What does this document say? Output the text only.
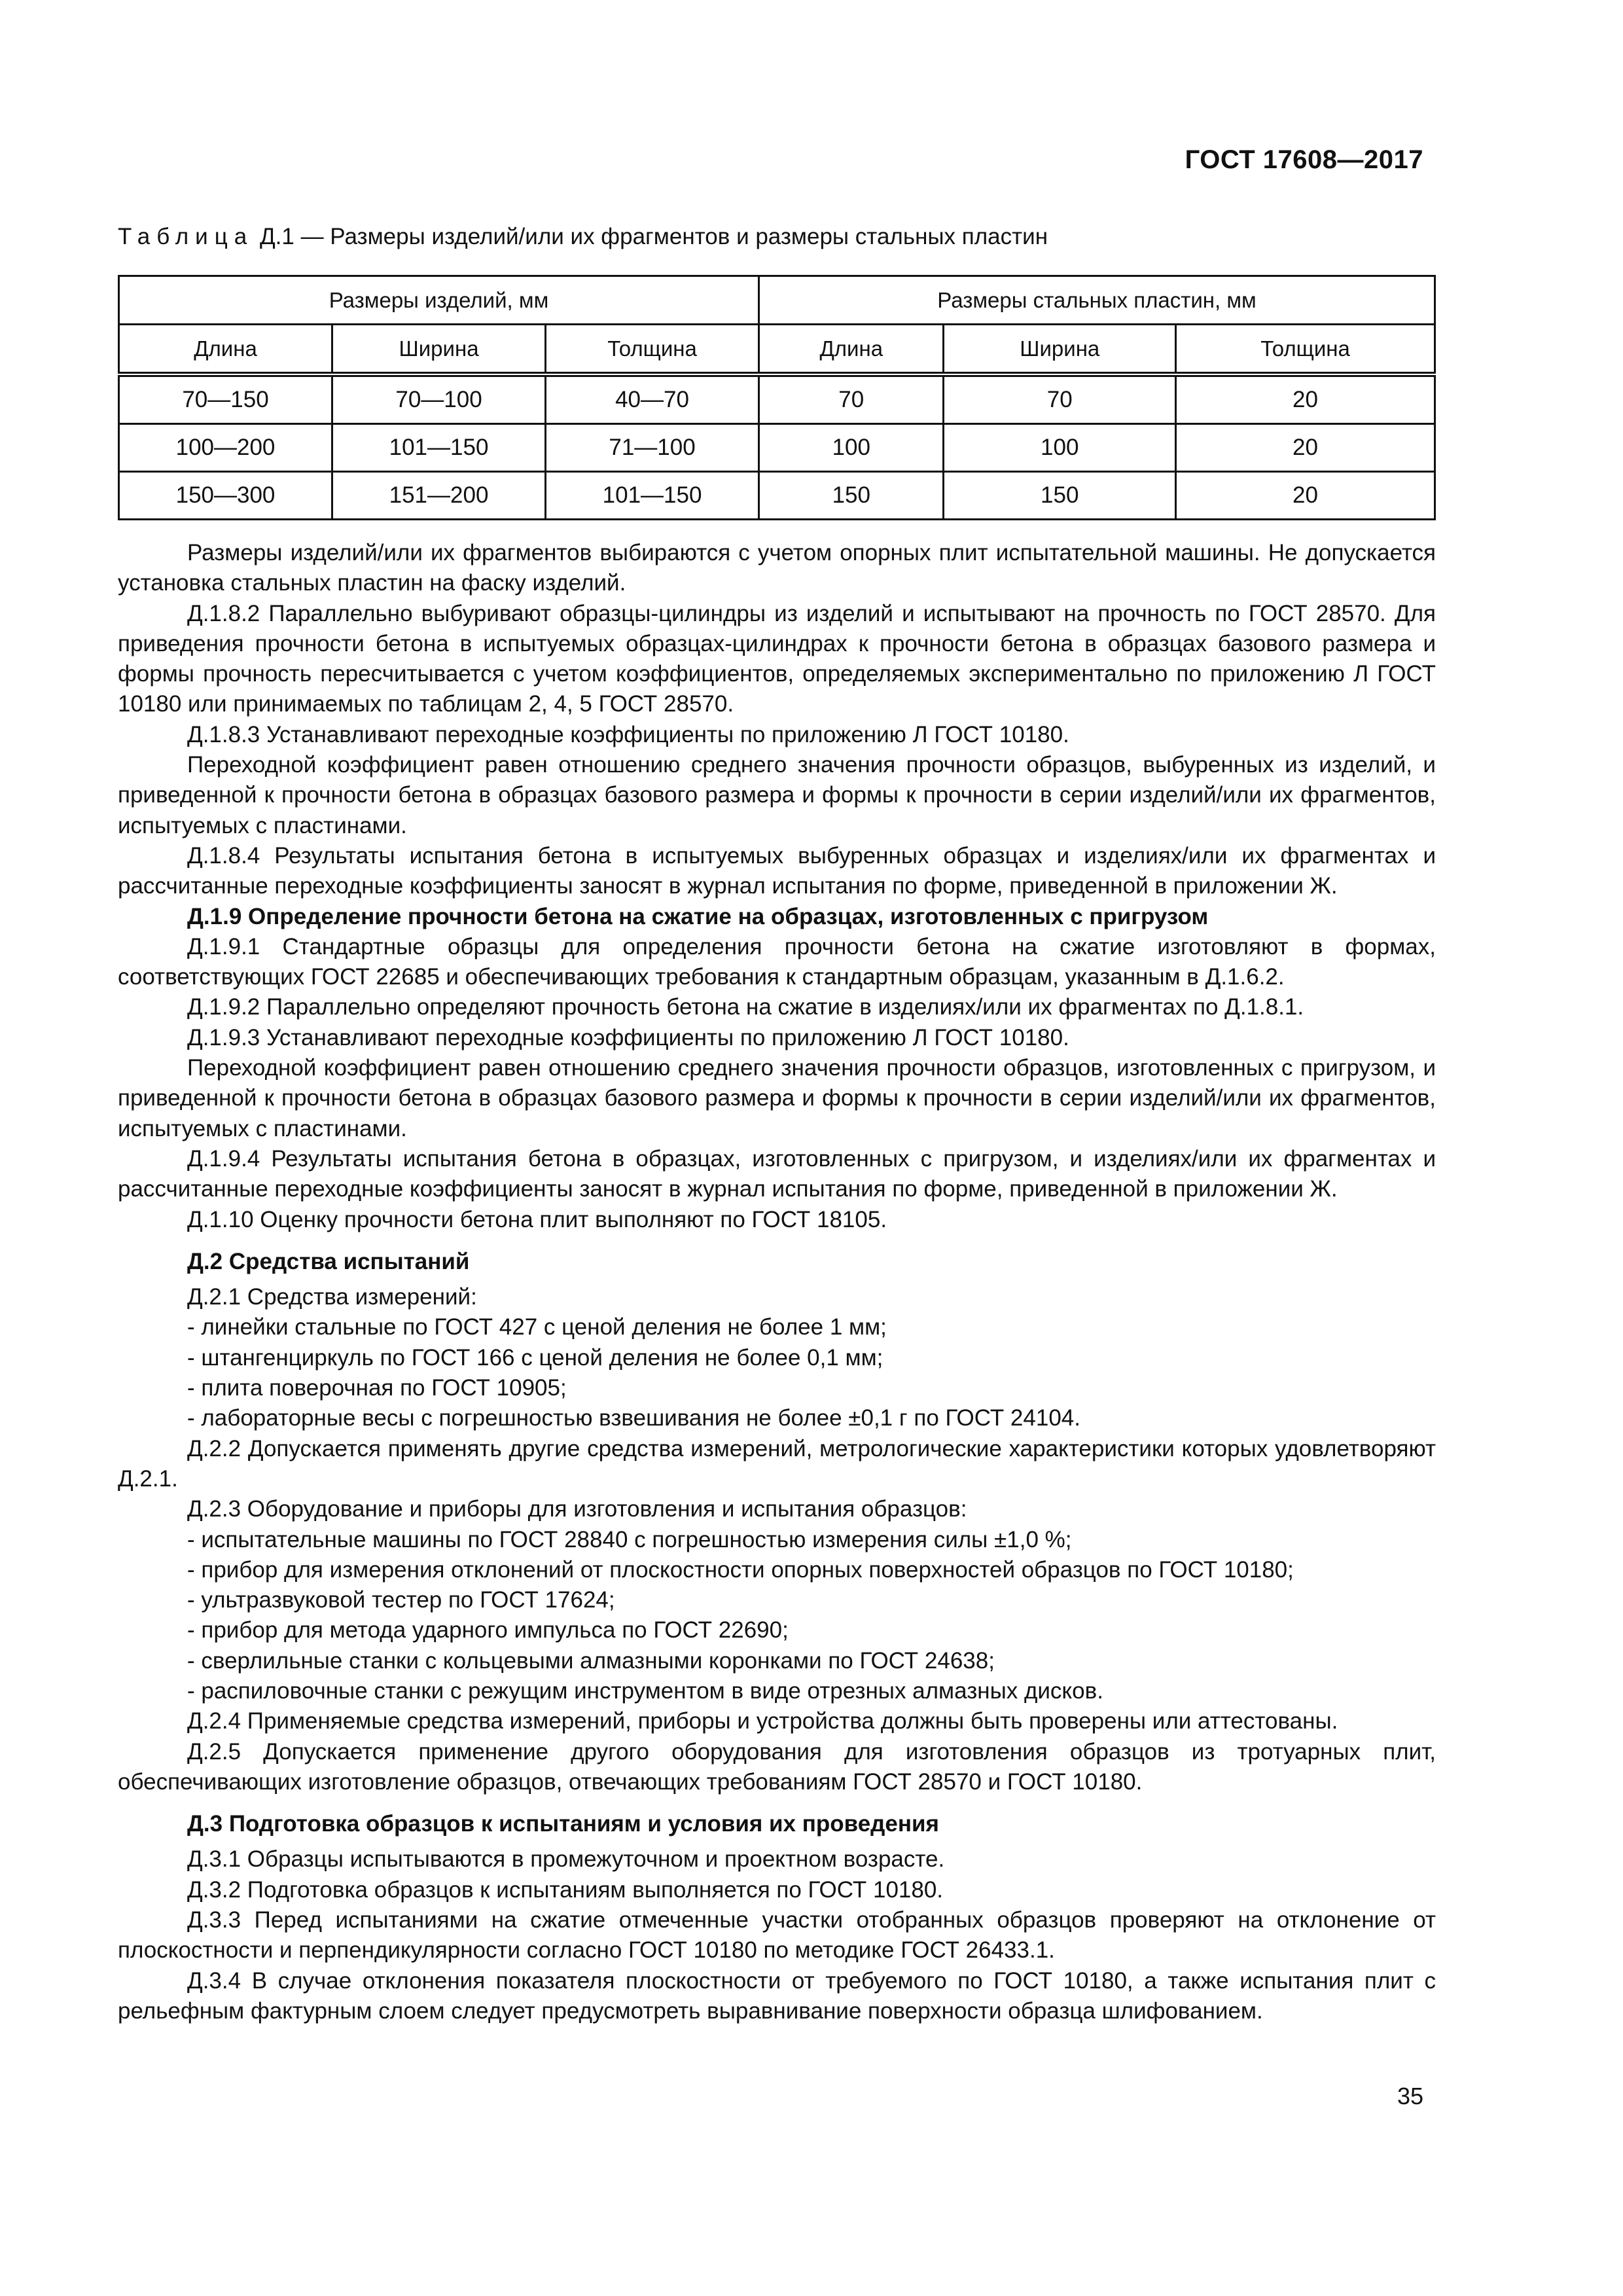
ГОСТ 17608—2017
Таблица Д.1 — Размеры изделий/или их фрагментов и размеры стальных пластин
Размеры изделий, мм			Размеры стальных пластин, мм		
Длина	Ширина	Толщина	Длина	Ширина	Толщина
70—150	70—100	40—70	70	70	20
100—200	101—150	71—100	100	100	20
150—300	151—200	101—150	150	150	20

Размеры изделий/или их фрагментов выбираются с учетом опорных плит испытательной машины. Не допускается установка стальных пластин на фаску изделий.

Д.1.8.2 Параллельно выбуривают образцы-цилиндры из изделий и испытывают на прочность по ГОСТ 28570. Для приведения прочности бетона в испытуемых образцах-цилиндрах к прочности бетона в образцах базового размера и формы прочность пересчитывается с учетом коэффициентов, определяемых экспериментально по приложению Л ГОСТ 10180 или принимаемых по таблицам 2, 4, 5 ГОСТ 28570.

Д.1.8.3 Устанавливают переходные коэффициенты по приложению Л ГОСТ 10180.

Переходной коэффициент равен отношению среднего значения прочности образцов, выбуренных из изделий, и приведенной к прочности бетона в образцах базового размера и формы к прочности в серии изделий/или их фрагментов, испытуемых с пластинами.

Д.1.8.4 Результаты испытания бетона в испытуемых выбуренных образцах и изделиях/или их фрагментах и рассчитанные переходные коэффициенты заносят в журнал испытания по форме, приведенной в приложении Ж.

Д.1.9 Определение прочности бетона на сжатие на образцах, изготовленных с пригрузом

Д.1.9.1 Стандартные образцы для определения прочности бетона на сжатие изготовляют в формах, соответствующих ГОСТ 22685 и обеспечивающих требования к стандартным образцам, указанным в Д.1.6.2.

Д.1.9.2 Параллельно определяют прочность бетона на сжатие в изделиях/или их фрагментах по Д.1.8.1.

Д.1.9.3 Устанавливают переходные коэффициенты по приложению Л ГОСТ 10180.

Переходной коэффициент равен отношению среднего значения прочности образцов, изготовленных с пригрузом, и приведенной к прочности бетона в образцах базового размера и формы к прочности в серии изделий/или их фрагментов, испытуемых с пластинами.

Д.1.9.4 Результаты испытания бетона в образцах, изготовленных с пригрузом, и изделиях/или их фрагментах и рассчитанные переходные коэффициенты заносят в журнал испытания по форме, приведенной в приложении Ж.

Д.1.10 Оценку прочности бетона плит выполняют по ГОСТ 18105.

Д.2 Средства испытаний

Д.2.1 Средства измерений:

- линейки стальные по ГОСТ 427 с ценой деления не более 1 мм;

- штангенциркуль по ГОСТ 166 с ценой деления не более 0,1 мм;

- плита поверочная по ГОСТ 10905;

- лабораторные весы с погрешностью взвешивания не более ±0,1 г по ГОСТ 24104.

Д.2.2 Допускается применять другие средства измерений, метрологические характеристики которых удовлетворяют Д.2.1.

Д.2.3 Оборудование и приборы для изготовления и испытания образцов:

- испытательные машины по ГОСТ 28840 с погрешностью измерения силы ±1,0 %;

- прибор для измерения отклонений от плоскостности опорных поверхностей образцов по ГОСТ 10180;

- ультразвуковой тестер по ГОСТ 17624;

- прибор для метода ударного импульса по ГОСТ 22690;

- сверлильные станки с кольцевыми алмазными коронками по ГОСТ 24638;

- распиловочные станки с режущим инструментом в виде отрезных алмазных дисков.

Д.2.4 Применяемые средства измерений, приборы и устройства должны быть проверены или аттестованы.

Д.2.5 Допускается применение другого оборудования для изготовления образцов из тротуарных плит, обеспечивающих изготовление образцов, отвечающих требованиям ГОСТ 28570 и ГОСТ 10180.

Д.3 Подготовка образцов к испытаниям и условия их проведения

Д.3.1 Образцы испытываются в промежуточном и проектном возрасте.

Д.3.2 Подготовка образцов к испытаниям выполняется по ГОСТ 10180.

Д.3.3 Перед испытаниями на сжатие отмеченные участки отобранных образцов проверяют на отклонение от плоскостности и перпендикулярности согласно ГОСТ 10180 по методике ГОСТ 26433.1.

Д.3.4 В случае отклонения показателя плоскостности от требуемого по ГОСТ 10180, а также испытания плит с рельефным фактурным слоем следует предусмотреть выравнивание поверхности образца шлифованием.

35
